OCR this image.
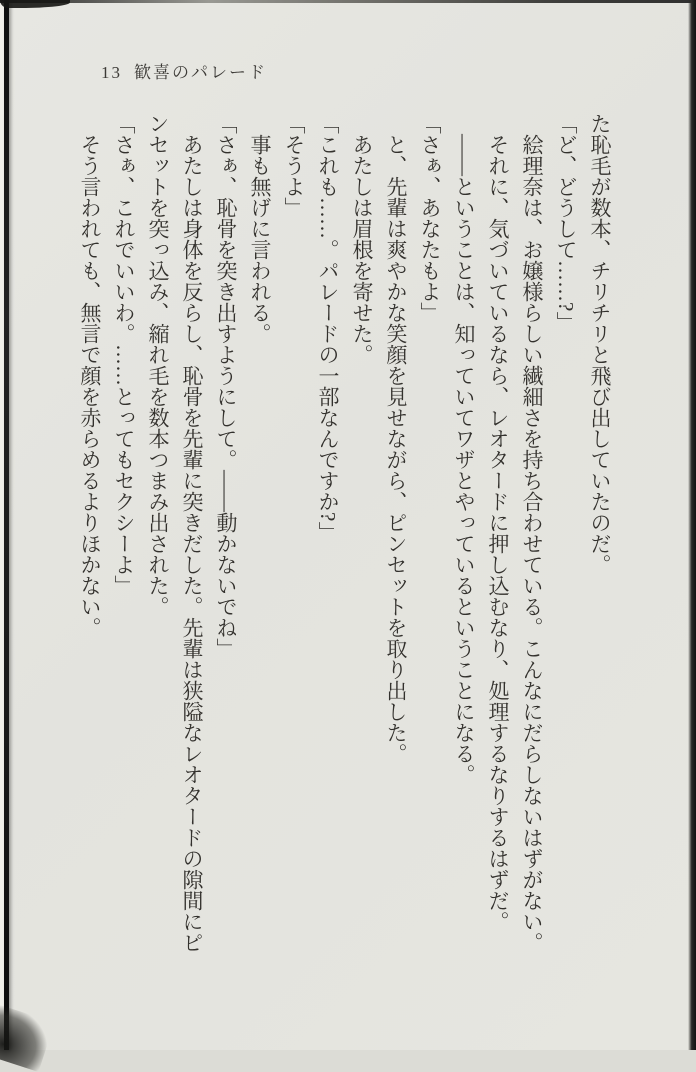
13 歓喜のパレード

た恥毛が数本、チリチリと飛び出していたのだ。

「ど、どうして……?」

絵理奈は、お嬢様らしい繊細さを持ち合わせている。こんなにだらしないはずがない。

それに、気づいているなら、レオタードに押し込むなり、処理するなりするはずだ。

――ということは、知っていてワザとやっているということになる。

「さぁ、あなたもよ」

と、先輩は爽やかな笑顔を見せながら、ピンセットを取り出した。

あたしは眉根を寄せた。

「これも……。パレードの一部なんですか?」

「そうよ」

事も無げに言われる。

「さぁ、恥骨を突き出すようにして。――動かないでね」

あたしは身体を反らし、恥骨を先輩に突きだした。先輩は狭隘なレオタードの隙間にピンセットを突っ込み、縮れ毛を数本つまみ出された。

「さぁ、これでいいわ。……とってもセクシーよ」

そう言われても、無言で顔を赤らめるよりほかない。
